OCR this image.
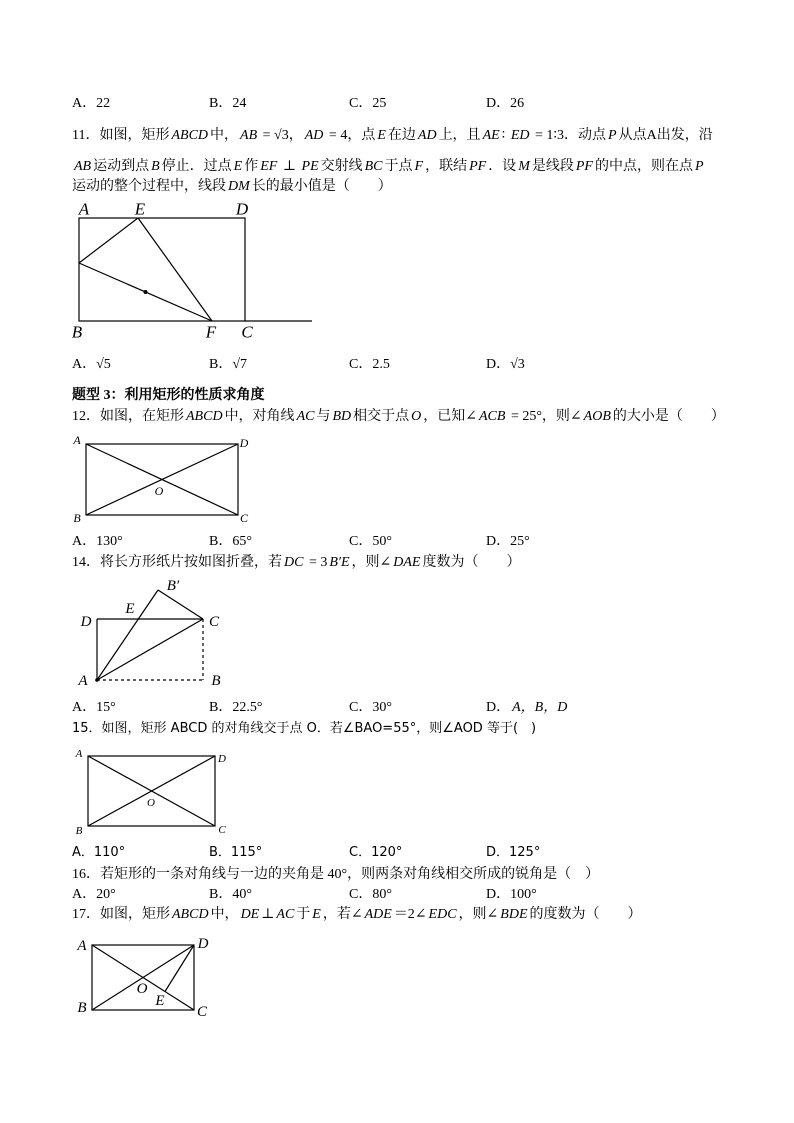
A．22	B．24	C．25	D．26
11．如图，矩形 ABCD 中， AB = √3， AD = 4，点 E 在边 AD 上，且 AE ∶ ED = 1∶3．动点 P 从点A出发，沿
AB 运动到点 B 停止．过点 E 作 EF ⊥ PE 交射线 BC 于点 F ，联结 PF ．设 M 是线段 PF 的中点，则在点 P
运动的整个过程中，线段 DM 长的最小值是（　　）
A	E	D
B	F C
A．√5	B．√7	C．2.5	D．√3
题型 3：利用矩形的性质求角度
12．如图，在矩形 ABCD 中，对角线 AC 与 BD 相交于点 O ，已知∠ ACB = 25°，则∠ AOB 的大小是（　　）
A	D
B	C
O
A．130°	B．65°	C．50°	D．25°
14．将长方形纸片按如图折叠，若 DC = 3 B′E ，则∠ DAE 度数为（　　）
D
E
B′
C
A	B
A．15°	B．22.5°	C．30°	D． A，B，D
15．如图，矩形 ABCD 的对角线交于点 O．若∠BAO=55°，则∠AOD 等于(　)
A	D
B	C
O
A．110°	B．115°	C．120°	D．125°
16．若矩形的一条对角线与一边的夹角是 40°，则两条对角线相交所成的锐角是（　）
A．20°	B．40°	C．80°	D．100°
17．如图，矩形 ABCD 中， DE ⊥ AC 于 E ，若∠ ADE ＝2∠ EDC ，则∠ BDE 的度数为（　　）
A	D
B	C
O
E
